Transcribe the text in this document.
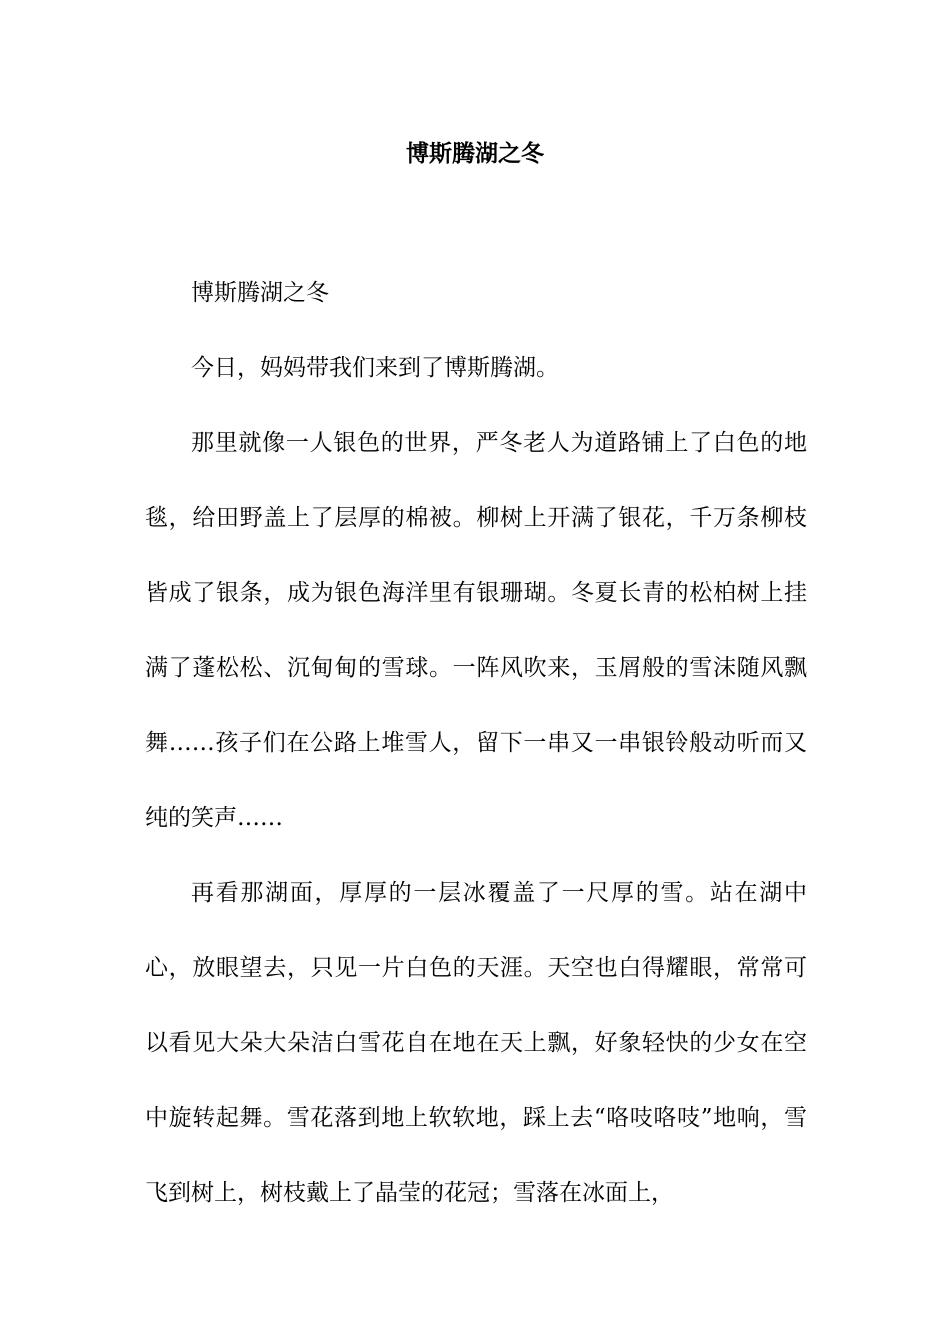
博斯腾湖之冬

博斯腾湖之冬

今日，妈妈带我们来到了博斯腾湖。

那里就像一人银色的世界，严冬老人为道路铺上了白色的地毯，给田野盖上了层厚的棉被。柳树上开满了银花，千万条柳枝皆成了银条，成为银色海洋里有银珊瑚。冬夏长青的松柏树上挂满了蓬松松、沉甸甸的雪球。一阵风吹来，玉屑般的雪沫随风飘舞……孩子们在公路上堆雪人，留下一串又一串银铃般动听而又纯的笑声……

再看那湖面，厚厚的一层冰覆盖了一尺厚的雪。站在湖中心，放眼望去，只见一片白色的天涯。天空也白得耀眼，常常可以看见大朵大朵洁白雪花自在地在天上飘，好象轻快的少女在空中旋转起舞。雪花落到地上软软地，踩上去“咯吱咯吱”地响，雪飞到树上，树枝戴上了晶莹的花冠；雪落在冰面上，
